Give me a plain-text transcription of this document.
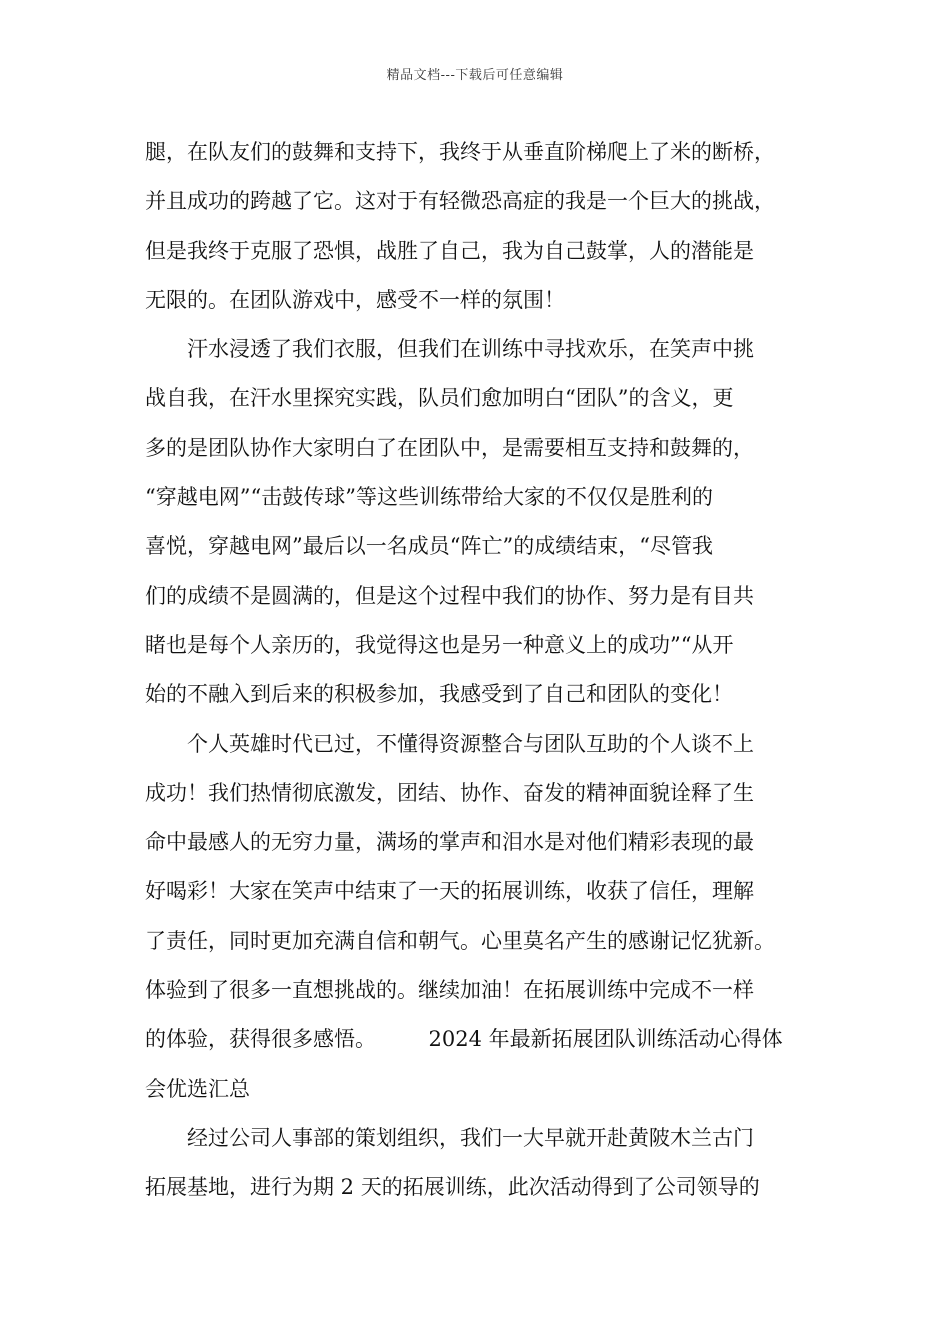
精品文档---下载后可任意编辑
腿，在队友们的鼓舞和支持下，我终于从垂直阶梯爬上了米的断桥，
并且成功的跨越了它。这对于有轻微恐高症的我是一个巨大的挑战，
但是我终于克服了恐惧，战胜了自己，我为自己鼓掌，人的潜能是
无限的。在团队游戏中，感受不一样的氛围！
汗水浸透了我们衣服，但我们在训练中寻找欢乐，在笑声中挑
战自我，在汗水里探究实践，队员们愈加明白“团队”的含义，更
多的是团队协作大家明白了在团队中，是需要相互支持和鼓舞的，
“穿越电网”“击鼓传球”等这些训练带给大家的不仅仅是胜利的
喜悦，穿越电网”最后以一名成员“阵亡”的成绩结束，“尽管我
们的成绩不是圆满的，但是这个过程中我们的协作、努力是有目共
睹也是每个人亲历的，我觉得这也是另一种意义上的成功”“从开
始的不融入到后来的积极参加，我感受到了自己和团队的变化！
个人英雄时代已过，不懂得资源整合与团队互助的个人谈不上
成功！我们热情彻底激发，团结、协作、奋发的精神面貌诠释了生
命中最感人的无穷力量，满场的掌声和泪水是对他们精彩表现的最
好喝彩！大家在笑声中结束了一天的拓展训练，收获了信任，理解
了责任，同时更加充满自信和朝气。心里莫名产生的感谢记忆犹新。
体验到了很多一直想挑战的。继续加油！在拓展训练中完成不一样
的体验，获得很多感悟。　　　2024 年最新拓展团队训练活动心得体
会优选汇总
经过公司人事部的策划组织，我们一大早就开赴黄陂木兰古门
拓展基地，进行为期 2 天的拓展训练，此次活动得到了公司领导的
